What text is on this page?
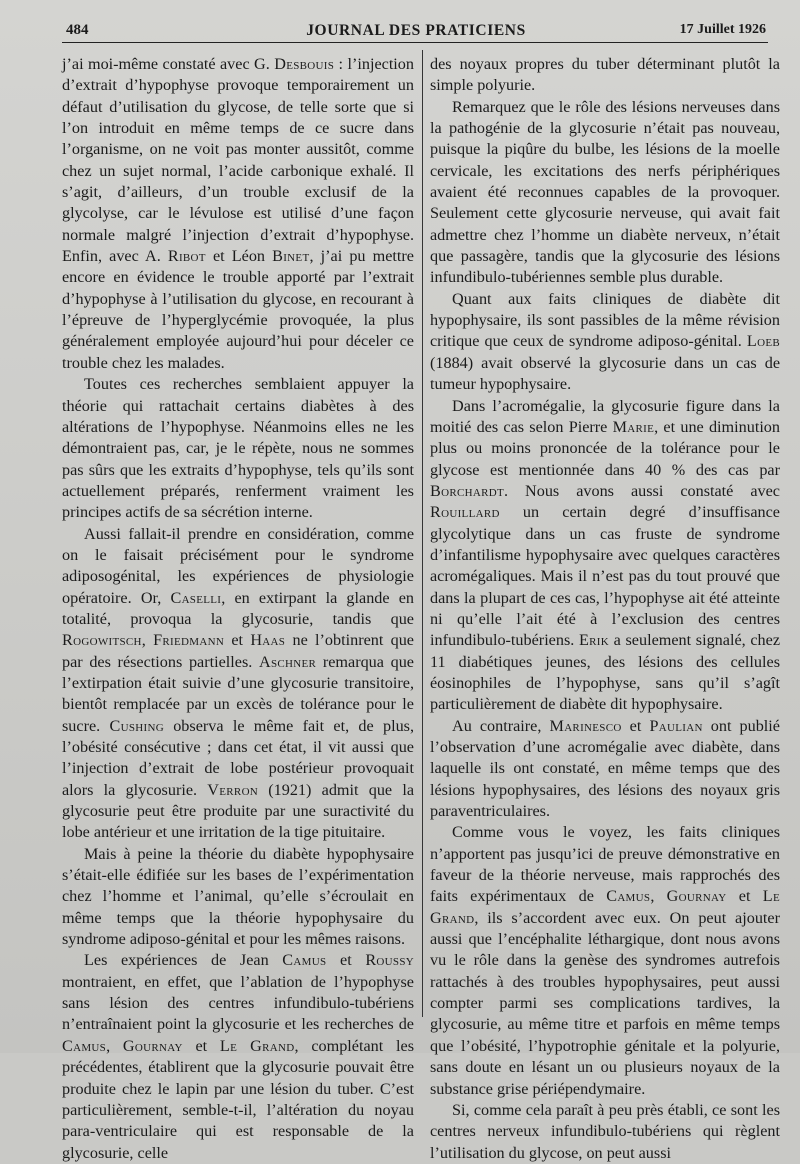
484	JOURNAL DES PRATICIENS	17 Juillet 1926

j’ai moi-même constaté avec G. Desbouis : l’injection d’extrait d’hypophyse provoque temporairement un défaut d’utilisation du glycose, de telle sorte que si l’on introduit en même temps de ce sucre dans l’organisme, on ne voit pas monter aussitôt, comme chez un sujet normal, l’acide carbonique exhalé. Il s’agit, d’ailleurs, d’un trouble exclusif de la glycolyse, car le lévulose est utilisé d’une façon normale malgré l’injection d’extrait d’hypophyse. Enfin, avec A. Ribot et Léon Binet, j’ai pu mettre encore en évidence le trouble apporté par l’extrait d’hypophyse à l’utilisation du glycose, en recourant à l’épreuve de l’hyperglycémie provoquée, la plus généralement employée aujourd’hui pour déceler ce trouble chez les malades.

Toutes ces recherches semblaient appuyer la théorie qui rattachait certains diabètes à des altérations de l’hypophyse. Néanmoins elles ne les démontraient pas, car, je le répète, nous ne sommes pas sûrs que les extraits d’hypophyse, tels qu’ils sont actuellement préparés, renferment vraiment les principes actifs de sa sécrétion interne.

Aussi fallait-il prendre en considération, comme on le faisait précisément pour le syndrome adiposogénital, les expériences de physiologie opératoire. Or, Caselli, en extirpant la glande en totalité, provoqua la glycosurie, tandis que Rogowitsch, Friedmann et Haas ne l’obtinrent que par des résections partielles. Aschner remarqua que l’extirpation était suivie d’une glycosurie transitoire, bientôt remplacée par un excès de tolérance pour le sucre. Cushing observa le même fait et, de plus, l’obésité consécutive ; dans cet état, il vit aussi que l’injection d’extrait de lobe postérieur provoquait alors la glycosurie. Verron (1921) admit que la glycosurie peut être produite par une suractivité du lobe antérieur et une irritation de la tige pituitaire.

Mais à peine la théorie du diabète hypophysaire s’était-elle édifiée sur les bases de l’expérimentation chez l’homme et l’animal, qu’elle s’écroulait en même temps que la théorie hypophysaire du syndrome adiposo-génital et pour les mêmes raisons.

Les expériences de Jean Camus et Roussy montraient, en effet, que l’ablation de l’hypophyse sans lésion des centres infundibulo-tubériens n’entraînaient point la glycosurie et les recherches de Camus, Gournay et Le Grand, complétant les précédentes, établirent que la glycosurie pouvait être produite chez le lapin par une lésion du tuber. C’est particulièrement, semble-t-il, l’altération du noyau para-ventriculaire qui est responsable de la glycosurie, celle

des noyaux propres du tuber déterminant plutôt la simple polyurie.

Remarquez que le rôle des lésions nerveuses dans la pathogénie de la glycosurie n’était pas nouveau, puisque la piqûre du bulbe, les lésions de la moelle cervicale, les excitations des nerfs périphériques avaient été reconnues capables de la provoquer. Seulement cette glycosurie nerveuse, qui avait fait admettre chez l’homme un diabète nerveux, n’était que passagère, tandis que la glycosurie des lésions infundibulo-tubériennes semble plus durable.

Quant aux faits cliniques de diabète dit hypophysaire, ils sont passibles de la même révision critique que ceux de syndrome adiposo-génital. Loeb (1884) avait observé la glycosurie dans un cas de tumeur hypophysaire.

Dans l’acromégalie, la glycosurie figure dans la moitié des cas selon Pierre Marie, et une diminution plus ou moins prononcée de la tolérance pour le glycose est mentionnée dans 40 % des cas par Borchardt. Nous avons aussi constaté avec Rouillard un certain degré d’insuffisance glycolytique dans un cas fruste de syndrome d’infantilisme hypophysaire avec quelques caractères acromégaliques. Mais il n’est pas du tout prouvé que dans la plupart de ces cas, l’hypophyse ait été atteinte ni qu’elle l’ait été à l’exclusion des centres infundibulo-tubériens. Erik a seulement signalé, chez 11 diabétiques jeunes, des lésions des cellules éosinophiles de l’hypophyse, sans qu’il s’agît particulièrement de diabète dit hypophysaire.

Au contraire, Marinesco et Paulian ont publié l’observation d’une acromégalie avec diabète, dans laquelle ils ont constaté, en même temps que des lésions hypophysaires, des lésions des noyaux gris paraventriculaires.

Comme vous le voyez, les faits cliniques n’apportent pas jusqu’ici de preuve démonstrative en faveur de la théorie nerveuse, mais rapprochés des faits expérimentaux de Camus, Gournay et Le Grand, ils s’accordent avec eux. On peut ajouter aussi que l’encéphalite léthargique, dont nous avons vu le rôle dans la genèse des syndromes autrefois rattachés à des troubles hypophysaires, peut aussi compter parmi ses complications tardives, la glycosurie, au même titre et parfois en même temps que l’obésité, l’hypotrophie génitale et la polyurie, sans doute en lésant un ou plusieurs noyaux de la substance grise périépendymaire.

Si, comme cela paraît à peu près établi, ce sont les centres nerveux infundibulo-tubériens qui règlent l’utilisation du glycose, on peut aussi
